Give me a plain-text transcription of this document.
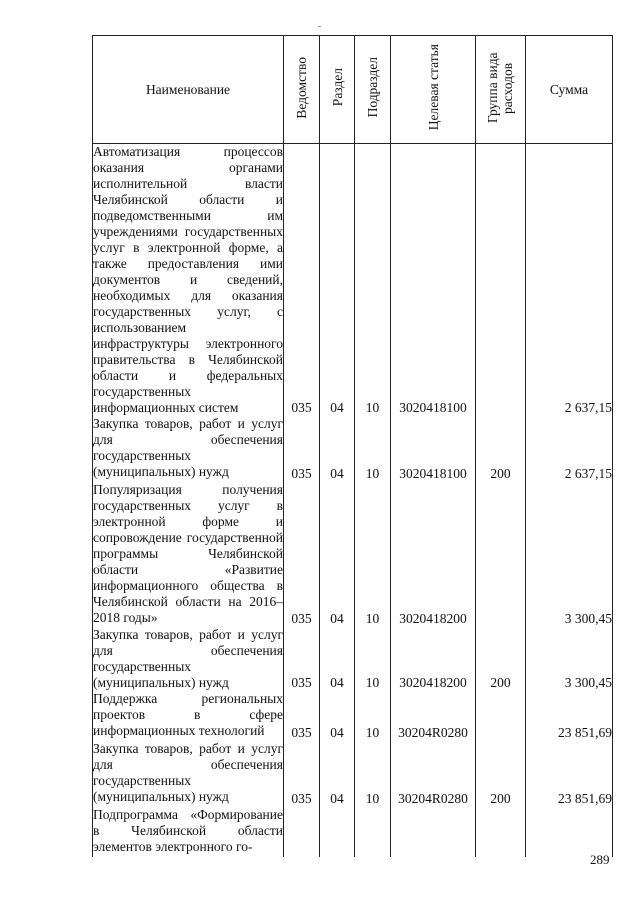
Наименование	Ведомство	Раздел	Подраздел	Целевая статья	Группа вида расходов	Сумма

Автоматизация процессов оказания органами исполнительной власти Челябинской области и подведомственными им учреждениями государственных услуг в электронной форме, а также предоставления ими документов и сведений, необходимых для оказания государственных услуг, с использованием инфраструктуры электронного правительства в Челябинской области и федеральных государственных информационных систем	035	04	10	3020418100		2 637,15

Закупка товаров, работ и услуг для обеспечения государственных (муниципальных) нужд	035	04	10	3020418100	200	2 637,15

Популяризация получения государственных услуг в электронной форме и сопровождение государственной программы Челябинской области «Развитие информационного общества в Челябинской области на 2016–2018 годы»	035	04	10	3020418200		3 300,45

Закупка товаров, работ и услуг для обеспечения государственных (муниципальных) нужд	035	04	10	3020418200	200	3 300,45

Поддержка региональных проектов в сфере информационных технологий	035	04	10	30204R0280		23 851,69

Закупка товаров, работ и услуг для обеспечения государственных (муниципальных) нужд	035	04	10	30204R0280	200	23 851,69

Подпрограмма «Формирование в Челябинской области элементов электронного го-						

289
